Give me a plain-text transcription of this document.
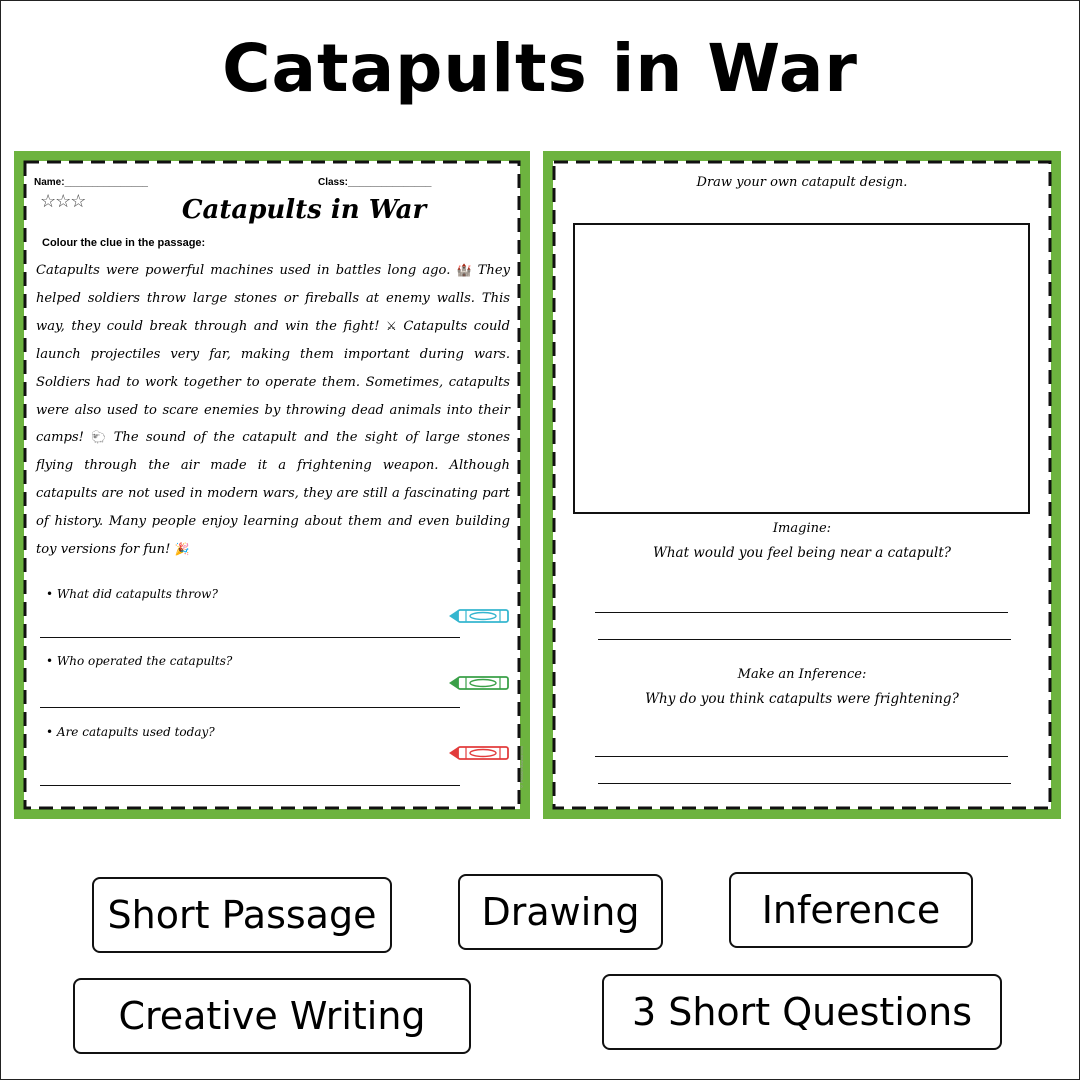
Catapults in War
Name:_______________	Class:_______________
☆☆☆	Catapults in War
Colour the clue in the passage:
Catapults were powerful machines used in battles long ago. 🏰 They helped soldiers throw large stones or fireballs at enemy walls. This way, they could break through and win the fight! ⚔ Catapults could launch projectiles very far, making them important during wars. Soldiers had to work together to operate them. Sometimes, catapults were also used to scare enemies by throwing dead animals into their camps! 🐑 The sound of the catapult and the sight of large stones flying through the air made it a frightening weapon. Although catapults are not used in modern wars, they are still a fascinating part of history. Many people enjoy learning about them and even building toy versions for fun! 🎉
• What did catapults throw?
• Who operated the catapults?
• Are catapults used today?
© PrintableBazaar.com
Draw your own catapult design.
Imagine:
What would you feel being near a catapult?
Make an Inference:
Why do you think catapults were frightening?
Short Passage	Drawing	Inference
Creative Writing	3 Short Questions
